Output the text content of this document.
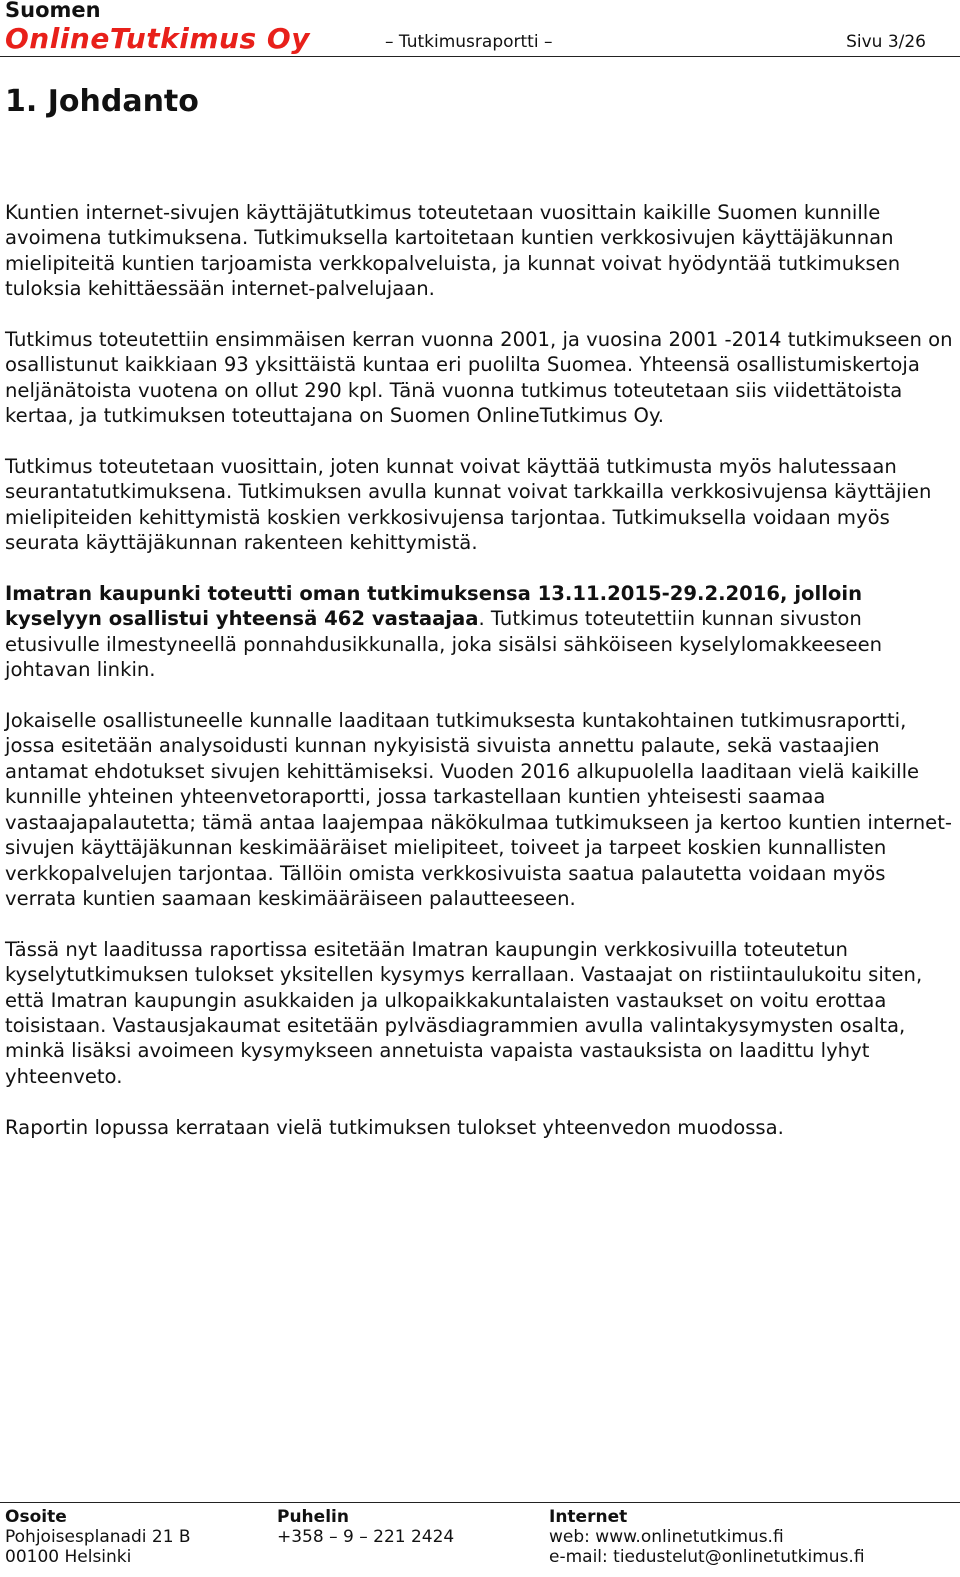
Suomen
OnlineTutkimus Oy	– Tutkimusraportti –	Sivu 3/26
1. Johdanto

Kuntien internet-sivujen käyttäjätutkimus toteutetaan vuosittain kaikille Suomen kunnille avoimena tutkimuksena. Tutkimuksella kartoitetaan kuntien verkkosivujen käyttäjäkunnan mielipiteitä kuntien tarjoamista verkkopalveluista, ja kunnat voivat hyödyntää tutkimuksen tuloksia kehittäessään internet-palvelujaan.

Tutkimus toteutettiin ensimmäisen kerran vuonna 2001, ja vuosina 2001 -2014 tutkimukseen on osallistunut kaikkiaan 93 yksittäistä kuntaa eri puolilta Suomea. Yhteensä osallistumiskertoja neljänätoista vuotena on ollut 290 kpl. Tänä vuonna tutkimus toteutetaan siis viidettätoista kertaa, ja tutkimuksen toteuttajana on Suomen OnlineTutkimus Oy.

Tutkimus toteutetaan vuosittain, joten kunnat voivat käyttää tutkimusta myös halutessaan seurantatutkimuksena. Tutkimuksen avulla kunnat voivat tarkkailla verkkosivujensa käyttäjien mielipiteiden kehittymistä koskien verkkosivujensa tarjontaa. Tutkimuksella voidaan myös seurata käyttäjäkunnan rakenteen kehittymistä.

Imatran kaupunki toteutti oman tutkimuksensa 13.11.2015-29.2.2016, jolloin kyselyyn osallistui yhteensä 462 vastaajaa. Tutkimus toteutettiin kunnan sivuston etusivulle ilmestyneellä ponnahdusikkunalla, joka sisälsi sähköiseen kyselylomakkeeseen johtavan linkin.

Jokaiselle osallistuneelle kunnalle laaditaan tutkimuksesta kuntakohtainen tutkimusraportti, jossa esitetään analysoidusti kunnan nykyisistä sivuista annettu palaute, sekä vastaajien antamat ehdotukset sivujen kehittämiseksi. Vuoden 2016 alkupuolella laaditaan vielä kaikille kunnille yhteinen yhteenvetoraportti, jossa tarkastellaan kuntien yhteisesti saamaa vastaajapalautetta; tämä antaa laajempaa näkökulmaa tutkimukseen ja kertoo kuntien internet-sivujen käyttäjäkunnan keskimääräiset mielipiteet, toiveet ja tarpeet koskien kunnallisten verkkopalvelujen tarjontaa. Tällöin omista verkkosivuista saatua palautetta voidaan myös verrata kuntien saamaan keskimääräiseen palautteeseen.

Tässä nyt laaditussa raportissa esitetään Imatran kaupungin verkkosivuilla toteutetun kyselytutkimuksen tulokset yksitellen kysymys kerrallaan. Vastaajat on ristiintaulukoitu siten, että Imatran kaupungin asukkaiden ja ulkopaikkakuntalaisten vastaukset on voitu erottaa toisistaan. Vastausjakaumat esitetään pylväsdiagrammien avulla valintakysymysten osalta, minkä lisäksi avoimeen kysymykseen annetuista vapaista vastauksista on laadittu lyhyt yhteenveto.

Raportin lopussa kerrataan vielä tutkimuksen tulokset yhteenvedon muodossa.

Osoite
Pohjoisesplanadi 21 B
00100 Helsinki
Puhelin
+358 – 9 – 221 2424
Internet
web: www.onlinetutkimus.fi
e-mail: tiedustelut@onlinetutkimus.fi
